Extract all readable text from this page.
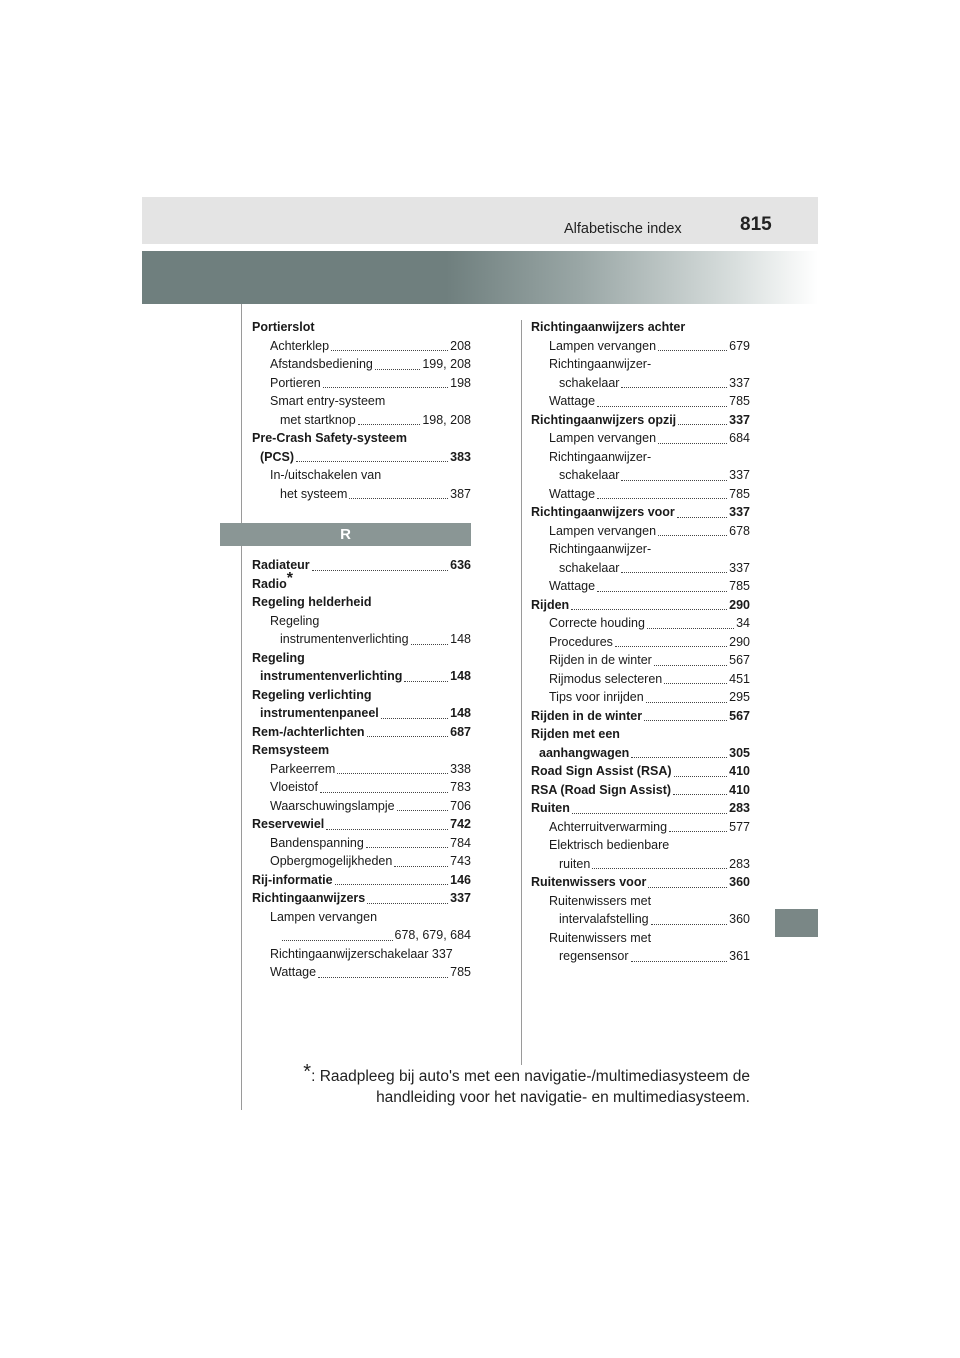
Alfabetische index	815
Portierslot
Achterklep	208
Afstandsbediening	199, 208
Portieren	198
Smart entry-systeem
met startknop	198, 208
Pre-Crash Safety-systeem
(PCS)	383
In-/uitschakelen van
het systeem	387
R
Radiateur	636
Radio*
Regeling helderheid
Regeling
instrumentenverlichting	148
Regeling
instrumentenverlichting	148
Regeling verlichting
instrumentenpaneel	148
Rem-/achterlichten	687
Remsysteem
Parkeerrem	338
Vloeistof	783
Waarschuwingslampje	706
Reservewiel	742
Bandenspanning	784
Opbergmogelijkheden	743
Rij-informatie	146
Richtingaanwijzers	337
Lampen vervangen
678, 679, 684
Richtingaanwijzerschakelaar 337
Wattage	785
Richtingaanwijzers achter
Lampen vervangen	679
Richtingaanwijzer-
schakelaar	337
Wattage	785
Richtingaanwijzers opzij	337
Lampen vervangen	684
Richtingaanwijzer-
schakelaar	337
Wattage	785
Richtingaanwijzers voor	337
Lampen vervangen	678
Richtingaanwijzer-
schakelaar	337
Wattage	785
Rijden	290
Correcte houding	34
Procedures	290
Rijden in de winter	567
Rijmodus selecteren	451
Tips voor inrijden	295
Rijden in de winter	567
Rijden met een
aanhangwagen	305
Road Sign Assist (RSA)	410
RSA (Road Sign Assist)	410
Ruiten	283
Achterruitverwarming	577
Elektrisch bedienbare
ruiten	283
Ruitenwissers voor	360
Ruitenwissers met
intervalafstelling	360
Ruitenwissers met
regensensor	361
*: Raadpleeg bij auto's met een navigatie-/multimediasysteem de
handleiding voor het navigatie- en multimediasysteem.
